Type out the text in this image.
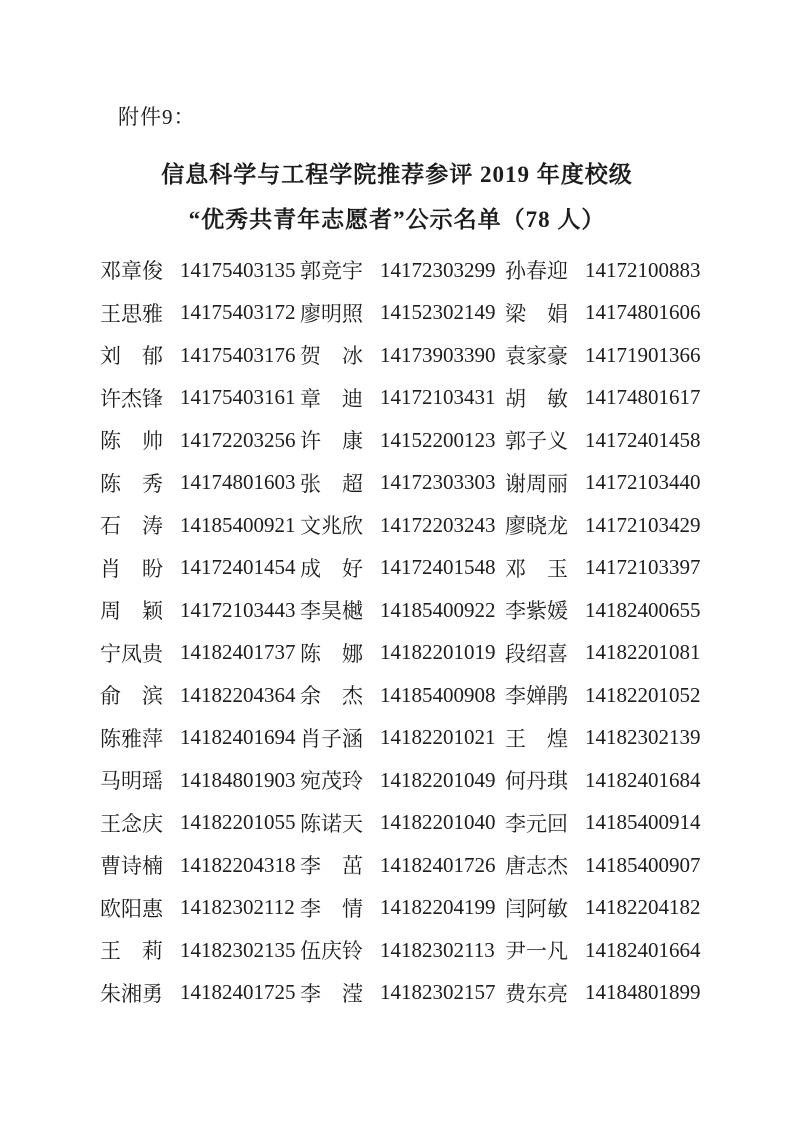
附件9：
信息科学与工程学院推荐参评 2019 年度校级
“优秀共青年志愿者”公示名单（78 人）
邓章俊 14175403135 郭竞宇 14172303299 孙春迎 14172100883
王思雅 14175403172 廖明照 14152302149 梁　娟 14174801606
刘　郁 14175403176 贺　冰 14173903390 袁家豪 14171901366
许杰锋 14175403161 章　迪 14172103431 胡　敏 14174801617
陈　帅 14172203256 许　康 14152200123 郭子义 14172401458
陈　秀 14174801603 张　超 14172303303 谢周丽 14172103440
石　涛 14185400921 文兆欣 14172203243 廖晓龙 14172103429
肖　盼 14172401454 成　好 14172401548 邓　玉 14172103397
周　颖 14172103443 李昊樾 14185400922 李紫媛 14182400655
宁凤贵 14182401737 陈　娜 14182201019 段绍喜 14182201081
俞　滨 14182204364 余　杰 14185400908 李婵鹃 14182201052
陈雅萍 14182401694 肖子涵 14182201021 王　煌 14182302139
马明瑶 14184801903 宛茂玲 14182201049 何丹琪 14182401684
王念庆 14182201055 陈诺天 14182201040 李元回 14185400914
曹诗楠 14182204318 李　茁 14182401726 唐志杰 14185400907
欧阳惠 14182302112 李　情 14182204199 闫阿敏 14182204182
王　莉 14182302135 伍庆铃 14182302113 尹一凡 14182401664
朱湘勇 14182401725 李　滢 14182302157 费东亮 14184801899
